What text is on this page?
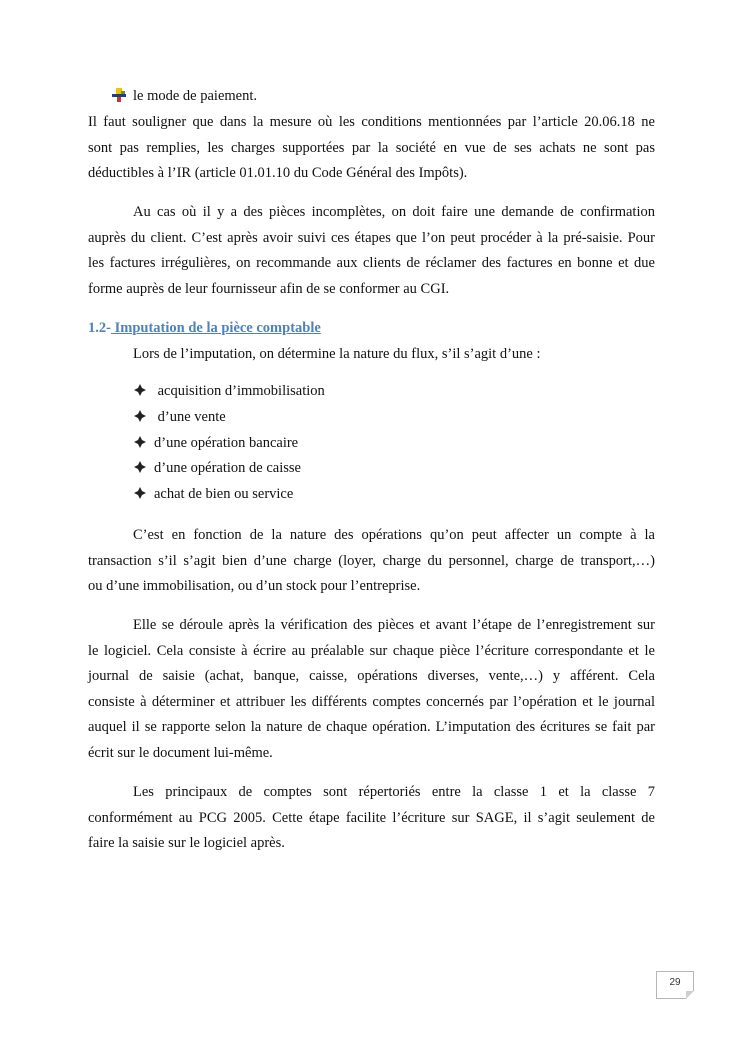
le mode de paiement.
Il faut souligner que dans la mesure où les conditions mentionnées par l’article 20.06.18 ne
sont pas remplies, les charges supportées par la société en vue de ses achats ne sont pas
déductibles à l’IR (article 01.01.10 du Code Général des Impôts).
Au cas où il y a des pièces incomplètes, on doit faire une demande de confirmation
auprès du client. C’est après avoir suivi ces étapes que l’on peut procéder à la pré-saisie. Pour
les factures irrégulières, on recommande aux clients de réclamer des factures en bonne et due
forme auprès de leur fournisseur afin de se conformer au CGI.
1.2- Imputation de la pièce comptable
Lors de l’imputation, on détermine la nature du flux, s’il s’agit d’une :
acquisition d’immobilisation
d’une vente
d’une opération bancaire
d’une opération de caisse
achat de bien ou service
C’est en fonction de la nature des opérations qu’on peut affecter un compte à la
transaction s’il s’agit bien d’une charge (loyer, charge du personnel, charge de transport,…)
ou d’une immobilisation, ou d’un stock pour l’entreprise.
Elle se déroule après la vérification des pièces et avant l’étape de l’enregistrement sur
le logiciel. Cela consiste à écrire au préalable sur chaque pièce l’écriture correspondante et le
journal de saisie (achat, banque, caisse, opérations diverses, vente,…) y afférent. Cela
consiste à déterminer et attribuer les différents comptes concernés par l’opération et le journal
auquel il se rapporte selon la nature de chaque opération. L’imputation des écritures se fait par
écrit sur le document lui-même.
Les principaux de comptes sont répertoriés entre la classe 1 et la classe 7
conformément au PCG 2005. Cette étape facilite l’écriture sur SAGE, il s’agit seulement de
faire la saisie sur le logiciel après.
29
